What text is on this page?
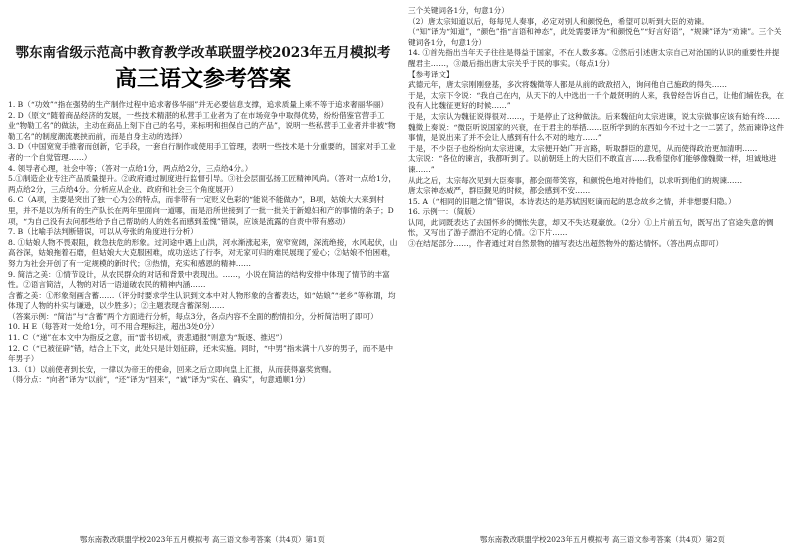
鄂东南省级示范高中教育教学改革联盟学校2023年五月模拟考
高三语文参考答案
1. B（“功效”“指在强势的生产制作过程中追求奢侈华丽”并无必要信息支撑，追求质量上乘不等于追求奢丽华丽）
2. D（原文“随着商品经济的发展，一些技术精湛的私营手工业者为了在市场竞争中取得优势，纷纷借鉴官营手工业“物勒工名”的做法，主动在商品上刻下自己的名号，来标明和担保自己的产品”，说明一些私营手工业者并非被“物勒工名”的制度潮流裹挟而前，而是自身主动的选择）
3. D（中国宽宽手推奢而创新，它手段，一套自行制作或使用手工管理，表明一些技术是十分重要的，国家对手工业者的一个自觉管理……）
4. 领导者心理，社会中等；（答对一点给1分，两点给2分，三点给4分。）
5.①制造企业专注产品质量提升。②政府通过制度进行监督引导。③社会层面弘扬工匠精神风尚。（答对一点给1分，两点给2分，三点给4分。分析应从企业、政府和社会三个角度展开）
6. C（A项，主要是突出了独一心为公的特点，而非带有一定贬义色彩的“能说不能做办”，B项，姑娘大大来到村里，并不是以为所有的生产队长在两年里面向一道哪，而是沿所世接到了一批一批关于新媳妇和产的事情的条子；D项，“为自己没有去问那些给予自己帮助的人的姓名而感到羞愧”错误，应该是流露的自责中带有感动）
7. B（比喻手法判断错误，可以从夸张的角度进行分析）
8. ①姑娘人物不畏艰阻，救急扶危的形象。过河途中遇上山洪，河水渐涨起来，宽窄宽阔，深流绝接，水风起伏，山高谷深，姑娘拖着石磨，但姑娘大大克服困难，成功送达了行李，对无家可归的难民展现了爱心；②姑娘不怕困难，努力为社会开创了有一定规模的新时代；③热情，充实和感恩的精神……
9. 简洁之美：①情节设计，从农民群众的对话和背景中表现出。……，小说在简洁的结构安排中体现了情节的丰富性。②语言简洁，人物的对话一语道破农民的精神内涵……
含蓄之美：①形象刻画含蓄……（评分时要求学生认识到文本中对人物形象的含蓄表达，如“姑娘”“老乡”等称谓，均体现了人物的朴实与谦逊，以少胜多）；②主题表现含蓄深刻……
（答案示例：“简洁”与“含蓄”两个方面进行分析，每点3分，各点内容不全面的酌情扣分，分析简洁明了即可）
10. H E（每答对一处给1分，可不用合理标注，超出3处0分）
11. C（“递”在本文中为指反之意，而“雷书切戒，责悲通报”则意为“叛逐、推迟”）
12. C（“已被征辟”错，结合上下文，此处只是计划征辟，还未实施。同时，“中男”指未满十八岁的男子，而不是中年男子）
13.（1）以前使者到长安，一律以为帝王的使命，回来之后立即向皇上汇报，从而获得嘉奖赏赐。
（得分点：“向者”译为“以前”，“还”译为“回来”，“诚”译为“实在、确实”，句意通顺1分）
三个关键词各1分，句意1分）
（2）唐太宗知道以后，每每见人奏事，必定对别人和颜悦色，希望可以听到大臣的劝谏。
（“知”译为“知道”，“颜色”指“言语和神态”，此处需要译为“和颜悦色”“好言好语”，“规谏”译为“劝谏”。三个关键词各1分，句意1分）
14. ①首先指出当年天子往往是得益于国家，不在人数多寡。②然后引述唐太宗自己对治国的认识的重要性并提醒君主……，③最后指出唐太宗关乎于民的事实。（每点1分）
【参考译文】
武德元年，唐太宗刚刚登基，多次将魏徵等人都是从前的政敌招入，询问他自己施政的得失……
于是，太宗下令说：“我自己在内，从天下的人中选出一千个最贤明的人来，我曾经告诉自己，让他们辅佐我，在没有人比魏征更好的时候……”
于是，太宗认为魏征说得很对……，于是停止了这种做法。后来魏征向太宗进谏，说太宗做事应该有始有终……
魏徵上奏说：“微臣听说国家的兴衰，在于君主的举措……臣所学到的东西如今不过十之一二罢了，然而谏诤这件事情，是说出来了并不会让人感到有什么不对的地方……”
于是，不少臣子也纷纷向太宗进谏，太宗便开始广开言路，听取群臣的意见，从而使得政治更加清明……
太宗说：“各位的谏言，我都听到了。以前朝廷上的大臣们不敢直言……我希望你们能够像魏徵一样，坦诚地进谏……”
从此之后，太宗每次见到大臣奏事，都会面带笑容，和颜悦色地对待他们，以求听到他们的规谏……
唐太宗神态威严，群臣觐见的时候，都会感到不安……
15. A（“相同的旧题之情”错误，本诗表达的是苏轼因贬谪而起的思念故乡之情，并非想要归隐。）
16. 示例一：（简版）
认同，此词既表达了去国怀乡的惆怅失意，却又不失达观豪放。（2分）①上片前五句，既写出了官途失意的惆怅，又写出了游子漂泊不定的心情。②下片……
③在结尾部分……，作者通过对自然景物的描写表达出超然物外的豁达情怀。（答出两点即可）
鄂东南教改联盟学校2023年五月模拟考 高三语文参考答案（共4页）第1页	鄂东南教改联盟学校2023年五月模拟考 高三语文参考答案（共4页）第2页
